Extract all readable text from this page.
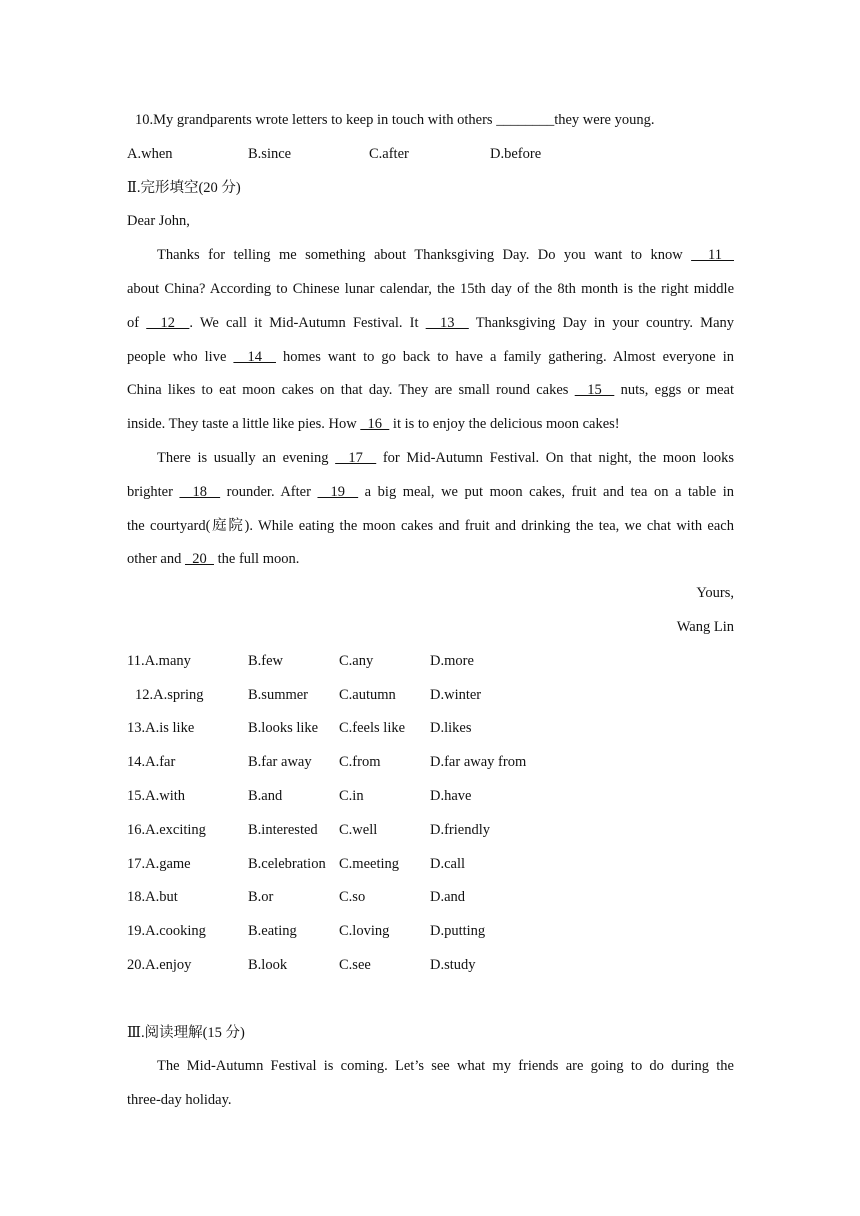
10.My grandparents wrote letters to keep in touch with others ________they were young.
A.when	B.since	C.after	D.before
Ⅱ.完形填空(20 分)
Dear John,
Thanks for telling me something about Thanksgiving Day. Do you want to know   11
about China? According to Chinese lunar calendar, the 15th day of the 8th month is the right middle
of   12  . We call it Mid-Autumn Festival. It   13   Thanksgiving Day in your country. Many
people who live   14   homes want to go back to have a family gathering. Almost everyone in
China likes to eat moon cakes on that day. They are small round cakes   15   nuts, eggs or meat
inside. They taste a little like pies. How   16   it is to enjoy the delicious moon cakes!
There is usually an evening   17   for Mid-Autumn Festival. On that night, the moon looks
brighter   18   rounder. After   19   a big meal, we put moon cakes, fruit and tea on a table in
the courtyard(庭院). While eating the moon cakes and fruit and drinking the tea, we chat with each
other and   20   the full moon.
Yours,
Wang Lin
11.A.many	B.few	C.any	D.more
12.A.spring	B.summer	C.autumn	D.winter
13.A.is like	B.looks like	C.feels like	D.likes
14.A.far	B.far away	C.from	D.far away from
15.A.with	B.and	C.in	D.have
16.A.exciting	B.interested	C.well	D.friendly
17.A.game	B.celebration C.meeting	D.call
18.A.but	B.or	C.so	D.and
19.A.cooking	B.eating	C.loving	D.putting
20.A.enjoy	B.look	C.see	D.study
Ⅲ.阅读理解(15 分)
The Mid-Autumn Festival is coming. Let’s see what my friends are going to do during the
three-day holiday.
